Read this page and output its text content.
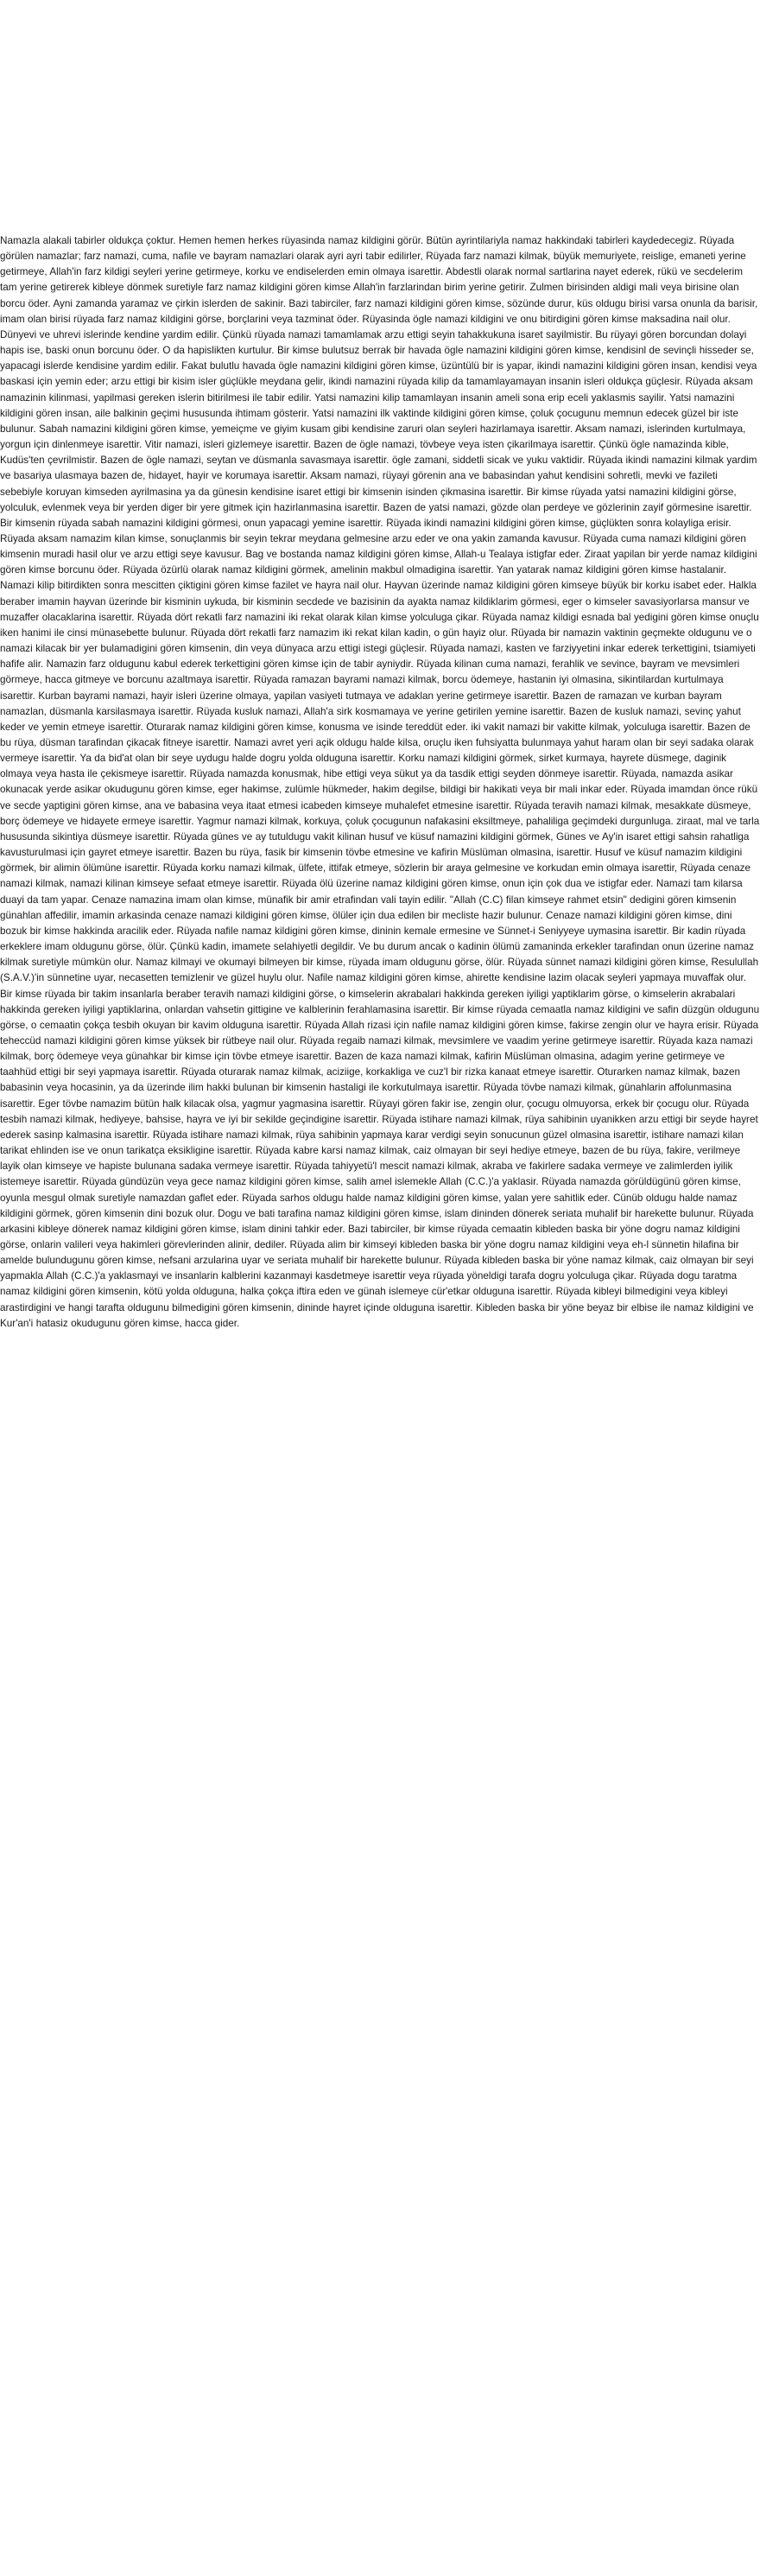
Namazla alakali tabirler oldukça çoktur. Hemen hemen herkes rüyasinda namaz kildigini görür. Bütün ayrintilariyla namaz hakkindaki tabirleri kaydedecegiz. Rüyada görülen namazlar; farz namazi, cuma, nafile ve bayram namazlari olarak ayri ayri tabir edilirler, Rüyada farz namazi kilmak, büyük memuriyete, reislige, emaneti yerine getirmeye, Allah'in farz kildigi seyleri yerine getirmeye, korku ve endiselerden emin olmaya isarettir. Abdestli olarak normal sartlarina nayet ederek, rükü ve secdelerim tam yerine getirerek kibleye dönmek suretiyle farz namaz kildigini gören kimse Allah'in farzlarindan birim yerine getirir. Zulmen birisinden aldigi mali veya birisine olan borcu öder. Ayni zamanda yaramaz ve çirkin islerden de sakinir. Bazi tabirciler, farz namazi kildigini gören kimse, sözünde durur, küs oldugu birisi varsa onunla da barisir, imam olan birisi rüyada farz namaz kildigini görse, borçlarini veya tazminat öder. Rüyasinda ögle namazi kildigini ve onu bitirdigini gören kimse maksadina nail olur. Dünyevi ve uhrevi islerinde kendine yardim edilir. Çünkü rüyada namazi tamamlamak arzu ettigi seyin tahakkukuna isaret sayilmistir. Bu rüyayi gören borcundan dolayi hapis ise, baski onun borcunu öder. O da hapislikten kurtulur. Bir kimse bulutsuz berrak bir havada ögle namazini kildigini gören kimse, kendisinl de sevinçli hisseder se, yapacagi islerde kendisine yardim edilir. Fakat bulutlu havada ögle namazini kildigini gören kimse, üzüntülü bir is yapar, ikindi namazini kildigini gören insan, kendisi veya baskasi için yemin eder; arzu ettigi bir kisim isler güçlükle meydana gelir, ikindi namazini rüyada kilip da tamamlayamayan insanin isleri oldukça güçlesir. Rüyada aksam namazinin kilinmasi, yapilmasi gereken islerin bitirilmesi ile tabir edilir. Yatsi namazini kilip tamamlayan insanin ameli sona erip eceli yaklasmis sayilir. Yatsi namazini kildigini gören insan, aile balkinin geçimi hususunda ihtimam gösterir. Yatsi namazini ilk vaktinde kildigini gören kimse, çoluk çocugunu memnun edecek güzel bir iste bulunur. Sabah namazini kildigini gören kimse, yemeiçme ve giyim kusam gibi kendisine zaruri olan seyleri hazirlamaya isarettir. Aksam namazi, islerinden kurtulmaya, yorgun için dinlenmeye isarettir. Vitir namazi, isleri gizlemeye isarettir. Bazen de ögle namazi, tövbeye veya isten çikarilmaya isarettir. Çünkü ögle namazinda kible, Kudüs'ten çevrilmistir. Bazen de ögle namazi, seytan ve düsmanla savasmaya isarettir. ögle zamani, siddetli sicak ve yuku vaktidir. Rüyada ikindi namazini kilmak yardim ve basariya ulasmaya bazen de, hidayet, hayir ve korumaya isarettir. Aksam namazi, rüyayi görenin ana ve babasindan yahut kendisini sohretli, mevki ve fazileti sebebiyle koruyan kimseden ayrilmasina ya da günesin kendisine isaret ettigi bir kimsenin isinden çikmasina isarettir. Bir kimse rüyada yatsi namazini kildigini görse, yolculuk, evlenmek veya bir yerden diger bir yere gitmek için hazirlanmasina isarettir. Bazen de yatsi namazi, gözde olan perdeye ve gözlerinin zayif görmesine isarettir. Bir kimsenin rüyada sabah namazini kildigini görmesi, onun yapacagi yemine isarettir. Rüyada ikindi namazini kildigini gören kimse, güçlükten sonra kolayliga erisir. Rüyada aksam namazim kilan kimse, sonuçlanmis bir seyin tekrar meydana gelmesine arzu eder ve ona yakin zamanda kavusur. Rüyada cuma namazi kildigini gören kimsenin muradi hasil olur ve arzu ettigi seye kavusur. Bag ve bostanda namaz kildigini gören kimse, Allah-u Tealaya istigfar eder. Ziraat yapilan bir yerde namaz kildigini gören kimse borcunu öder. Rüyada özürlü olarak namaz kildigini görmek, amelinin makbul olmadigina isarettir. Yan yatarak namaz kildigini gören kimse hastalanir. Namazi kilip bitirdikten sonra mescitten çiktigini gören kimse fazilet ve hayra nail olur. Hayvan üzerinde namaz kildigini gören kimseye büyük bir korku isabet eder. Halkla beraber imamin hayvan üzerinde bir kisminin uykuda, bir kisminin secdede ve bazisinin da ayakta namaz kildiklarim görmesi, eger o kimseler savasiyorlarsa mansur ve muzaffer olacaklarina isarettir. Rüyada dört rekatli farz namazini iki rekat olarak kilan kimse yolculuga çikar. Rüyada namaz kildigi esnada bal yedigini gören kimse onuçlu iken hanimi ile cinsi münasebette bulunur. Rüyada dört rekatli farz namazim iki rekat kilan kadin, o gün hayiz olur. Rüyada bir namazin vaktinin geçmekte oldugunu ve o namazi kilacak bir yer bulamadigini gören kimsenin, din veya dünyaca arzu ettigi istegi güçlesir. Rüyada namazi, kasten ve farziyyetini inkar ederek terkettigini, tsiamiyeti hafife alir. Namazin farz oldugunu kabul ederek terkettigini gören kimse için de tabir ayniydir. Rüyada kilinan cuma namazi, ferahlik ve sevince, bayram ve mevsimleri görmeye, hacca gitmeye ve borcunu azaltmaya isarettir. Rüyada ramazan bayrami namazi kilmak, borcu ödemeye, hastanin iyi olmasina, sikintilardan kurtulmaya isarettir. Kurban bayrami namazi, hayir isleri üzerine olmaya, yapilan vasiyeti tutmaya ve adaklan yerine getirmeye isarettir. Bazen de ramazan ve kurban bayram namazlan, düsmanla karsilasmaya isarettir. Rüyada kusluk namazi, Allah'a sirk kosmamaya ve yerine getirilen yemine isarettir. Bazen de kusluk namazi, sevinç yahut keder ve yemin etmeye isarettir. Oturarak namaz kildigini gören kimse, konusma ve isinde tereddüt eder. iki vakit namazi bir vakitte kilmak, yolculuga isarettir. Bazen de bu rüya, düsman tarafindan çikacak fitneye isarettir. Namazi avret yeri açik oldugu halde kilsa, oruçlu iken fuhsiyatta bulunmaya yahut haram olan bir seyi sadaka olarak vermeye isarettir. Ya da bid'at olan bir seye uydugu halde dogru yolda olduguna isarettir. Korku namazi kildigini görmek, sirket kurmaya, hayrete düsmege, daginik olmaya veya hasta ile çekismeye isarettir. Rüyada namazda konusmak, hibe ettigi veya sükut ya da tasdik ettigi seyden dönmeye isarettir. Rüyada, namazda asikar okunacak yerde asikar okudugunu gören kimse, eger hakimse, zulümle hükmeder, hakim degilse, bildigi bir hakikati veya bir mali inkar eder. Rüyada imamdan önce rükü ve secde yaptigini gören kimse, ana ve babasina veya itaat etmesi icabeden kimseye muhalefet etmesine isarettir. Rüyada teravih namazi kilmak, mesakkate düsmeye, borç ödemeye ve hidayete ermeye isarettir. Yagmur namazi kilmak, korkuya, çoluk çocugunun nafakasini eksiltmeye, pahaliliga geçimdeki durgunluga. ziraat, mal ve tarla hususunda sikintiya düsmeye isarettir. Rüyada günes ve ay tutuldugu vakit kilinan husuf ve küsuf namazini kildigini görmek, Günes ve Ay'in isaret ettigi sahsin rahatliga kavusturulmasi için gayret etmeye isarettir. Bazen bu rüya, fasik bir kimsenin tövbe etmesine ve kafirin Müslüman olmasina, isarettir. Husuf ve küsuf namazim kildigini görmek, bir alimin ölümüne isarettir. Rüyada korku namazi kilmak, ülfete, ittifak etmeye, sözlerin bir araya gelmesine ve korkudan emin olmaya isarettir, Rüyada cenaze namazi kilmak, namazi kilinan kimseye sefaat etmeye isarettir. Rüyada ölü üzerine namaz kildigini gören kimse, onun için çok dua ve istigfar eder. Namazi tam kilarsa duayi da tam yapar. Cenaze namazina imam olan kimse, münafik bir amir etrafindan vali tayin edilir. "Allah (C.C) filan kimseye rahmet etsin" dedigini gören kimsenin günahlan affedilir, imamin arkasinda cenaze namazi kildigini gören kimse, ölüler için dua edilen bir mecliste hazir bulunur. Cenaze namazi kildigini gören kimse, dini bozuk bir kimse hakkinda aracilik eder. Rüyada nafile namaz kildigini gören kimse, dininin kemale ermesine ve Sünnet-i Seniyyeye uymasina isarettir. Bir kadin rüyada erkeklere imam oldugunu görse, ölür. Çünkü kadin, imamete selahiyetli degildir. Ve bu durum ancak o kadinin ölümü zamaninda erkekler tarafindan onun üzerine namaz kilmak suretiyle mümkün olur. Namaz kilmayi ve okumayi bilmeyen bir kimse, rüyada imam oldugunu görse, ölür. Rüyada sünnet namazi kildigini gören kimse, Resulullah (S.A.V.)'in sünnetine uyar, necasetten temizlenir ve güzel huylu olur. Nafile namaz kildigini gören kimse, ahirette kendisine lazim olacak seyleri yapmaya muvaffak olur. Bir kimse rüyada bir takim insanlarla beraber teravih namazi kildigini görse, o kimselerin akrabalari hakkinda gereken iyiligi yaptiklarim görse, o kimselerin akrabalari hakkinda gereken iyiligi yaptiklarina, onlardan vahsetin gittigine ve kalblerinin ferahlamasina isarettir. Bir kimse rüyada cemaatla namaz kildigini ve safin düzgün oldugunu görse, o cemaatin çokça tesbih okuyan bir kavim olduguna isarettir. Rüyada Allah rizasi için nafile namaz kildigini gören kimse, fakirse zengin olur ve hayra erisir. Rüyada teheccüd namazi kildigini gören kimse yüksek bir rütbeye nail olur. Rüyada regaib namazi kilmak, mevsimlere ve vaadim yerine getirmeye isarettir. Rüyada kaza namazi kilmak, borç ödemeye veya günahkar bir kimse için tövbe etmeye isarettir. Bazen de kaza namazi kilmak, kafirin Müslüman olmasina, adagim yerine getirmeye ve taahhüd ettigi bir seyi yapmaya isarettir. Rüyada oturarak namaz kilmak, aciziige, korkakliga ve cuz'l bir rizka kanaat etmeye isarettir. Oturarken namaz kilmak, bazen babasinin veya hocasinin, ya da üzerinde ilim hakki bulunan bir kimsenin hastaligi ile korkutulmaya isarettir. Rüyada tövbe namazi kilmak, günahlarin affolunmasina isarettir. Eger tövbe namazim bütün halk kilacak olsa, yagmur yagmasina isarettir. Rüyayi gören fakir ise, zengin olur, çocugu olmuyorsa, erkek bir çocugu olur. Rüyada tesbih namazi kilmak, hediyeye, bahsise, hayra ve iyi bir sekilde geçindigine isarettir. Rüyada istihare namazi kilmak, rüya sahibinin uyanikken arzu ettigi bir seyde hayret ederek sasinp kalmasina isarettir. Rüyada istihare namazi kilmak, rüya sahibinin yapmaya karar verdigi seyin sonucunun güzel olmasina isarettir, istihare namazi kilan tarikat ehlinden ise ve onun tarikatça eksikligine isarettir. Rüyada kabre karsi namaz kilmak, caiz olmayan bir seyi hediye etmeye, bazen de bu rüya, fakire, verilmeye layik olan kimseye ve hapiste bulunana sadaka vermeye isarettir. Rüyada tahiyyetü'l mescit namazi kilmak, akraba ve fakirlere sadaka vermeye ve zalimlerden iyilik istemeye isarettir. Rüyada gündüzün veya gece namaz kildigini gören kimse, salih amel islemekle Allah (C.C.)'a yaklasir. Rüyada namazda görüldügünü gören kimse, oyunla mesgul olmak suretiyle namazdan gaflet eder. Rüyada sarhos oldugu halde namaz kildigini gören kimse, yalan yere sahitlik eder. Cünüb oldugu halde namaz kildigini görmek, gören kimsenin dini bozuk olur. Dogu ve bati tarafina namaz kildigini gören kimse, islam dininden dönerek seriata muhalif bir harekette bulunur. Rüyada arkasini kibleye dönerek namaz kildigini gören kimse, islam dinini tahkir eder. Bazi tabirciler, bir kimse rüyada cemaatin kibleden baska bir yöne dogru namaz kildigini görse, onlarin valileri veya hakimleri görevlerinden alinir, dediler. Rüyada alim bir kimseyi kibleden baska bir yöne dogru namaz kildigini veya eh-l sünnetin hilafina bir amelde bulundugunu gören kimse, nefsani arzularina uyar ve seriata muhalif bir harekette bulunur. Rüyada kibleden baska bir yöne namaz kilmak, caiz olmayan bir seyi yapmakla Allah (C.C.)'a yaklasmayi ve insanlarin kalblerini kazanmayi kasdetmeye isarettir veya rüyada yöneldigi tarafa dogru yolculuga çikar. Rüyada dogu taratma namaz kildigini gören kimsenin, kötü yolda olduguna, halka çokça iftira eden ve günah islemeye cür'etkar olduguna isarettir. Rüyada kibleyi bilmedigini veya kibleyi arastirdigini ve hangi tarafta oldugunu bilmedigini gören kimsenin, dininde hayret içinde olduguna isarettir. Kibleden baska bir yöne beyaz bir elbise ile namaz kildigini ve Kur'an'i hatasiz okudugunu gören kimse, hacca gider.
